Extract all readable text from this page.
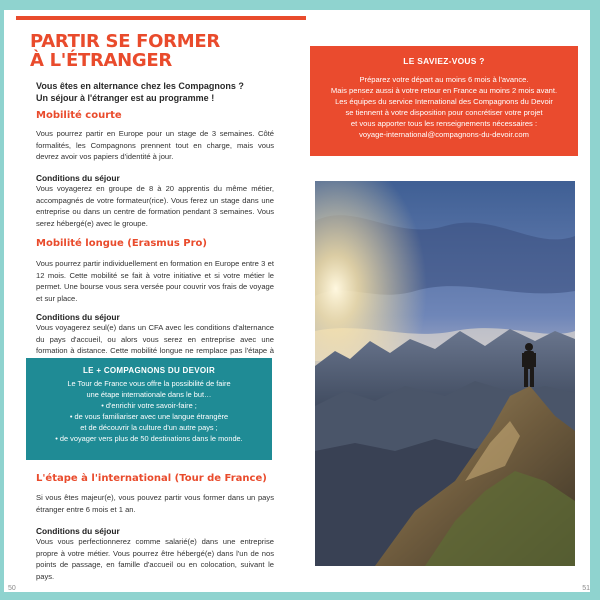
PARTIR SE FORMER
À L'ÉTRANGER
Vous êtes en alternance chez les Compagnons ?
Un séjour à l'étranger est au programme !
Mobilité courte
Vous pourrez partir en Europe pour un stage de 3 semaines. Côté formalités, les Compagnons prennent tout en charge, mais vous devrez avoir vos papiers d'identité à jour.
Conditions du séjour
Vous voyagerez en groupe de 8 à 20 apprentis du même métier, accompagnés de votre formateur(rice). Vous ferez un stage dans une entreprise ou dans un centre de formation pendant 3 semaines. Vous serez hébergé(e) avec le groupe.
Mobilité longue (Erasmus Pro)
Vous pourrez partir individuellement en formation en Europe entre 3 et 12 mois. Cette mobilité se fait à votre initiative et si votre métier le permet. Une bourse vous sera versée pour couvrir vos frais de voyage et sur place.
Conditions du séjour
Vous voyagerez seul(e) dans un CFA avec les conditions d'alternance du pays d'accueil, ou alors vous serez en entreprise avec une formation à distance. Cette mobilité longue ne remplace pas l'étape à
LE + COMPAGNONS DU DEVOIR
Le Tour de France vous offre la possibilité de faire
une étape internationale dans le but…
• d'enrichir votre savoir-faire ;
• de vous familiariser avec une langue étrangère
et de découvrir la culture d'un autre pays ;
• de voyager vers plus de 50 destinations dans le monde.
L'étape à l'international (Tour de France)
Si vous êtes majeur(e), vous pouvez partir vous former dans un pays étranger entre 6 mois et 1 an.
Conditions du séjour
Vous vous perfectionnerez comme salarié(e) dans une entreprise propre à votre métier. Vous pourrez être hébergé(e) dans l'un de nos points de passage, en famille d'accueil ou en colocation, suivant le pays.
LE SAVIEZ-VOUS ?
Préparez votre départ au moins 6 mois à l'avance.
Mais pensez aussi à votre retour en France au moins 2 mois avant.
Les équipes du service International des Compagnons du Devoir
se tiennent à votre disposition pour concrétiser votre projet
et vous apporter tous les renseignements nécessaires :
voyage-international@compagnons-du-devoir.com
50	51
